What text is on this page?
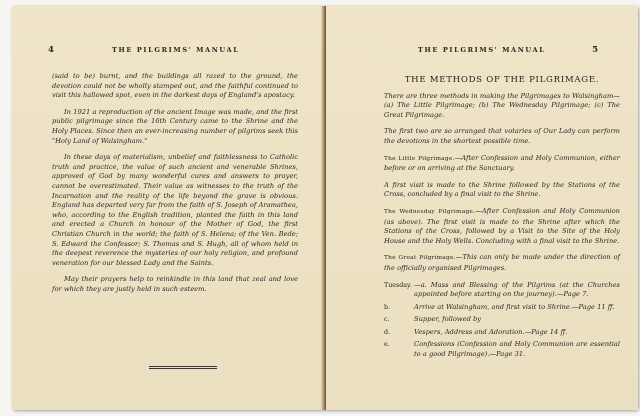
4	THE PILGRIMS' MANUAL

(said to be) burnt, and the buildings all razed to the ground, the devotion could not be wholly stamped out, and the faithful continued to visit this hallowed spot, even in the darkest days of England's apostacy.

In 1921 a reproduction of the ancient Image was made, and the first public pilgrimage since the 16th Century came to the Shrine and the Holy Places. Since then an ever-increasing number of pilgrims seek this "Holy Land of Walsingham."

In these days of materialism, unbelief and faithlessness to Catholic truth and practice, the value of such ancient and venerable Shrines, approved of God by many wonderful cures and answers to prayer, cannot be overestimated. Their value as witnesses to the truth of the Incarnation and the reality of the life beyond the grave is obvious. England has departed very far from the faith of S. Joseph of Aramathea, who, according to the English tradition, planted the faith in this land and erected a Church in honour of the Mother of God, the first Christian Church in the world; the faith of S. Helena; of the Ven. Bede; S. Edward the Confessor; S. Thomas and S. Hugh, all of whom held in the deepest reverence the mysteries of our holy religion, and profound veneration for our blessed Lady and the Saints.

May their prayers help to reinkindle in this land that zeal and love for which they are justly held in such esteem.

THE PILGRIMS' MANUAL	5
THE METHODS OF THE PILGRIMAGE.

There are three methods in making the Pilgrimages to Walsingham—(a) The Little Pilgrimage; (b) The Wednesday Pilgrimage; (c) The Great Pilgrimage.

The first two are so arranged that votaries of Our Lady can perform the devotions in the shortest possible time.

The Little Pilgrimage.—After Confession and Holy Communion, either before or on arriving at the Sanctuary.

A first visit is made to the Shrine followed by the Stations of the Cross, concluded by a final visit to the Shrine.

The Wednesday Pilgrimage.—After Confession and Holy Communion (as above). The first visit is made to the Shrine after which the Stations of the Cross, followed by a Visit to the Site of the Holy House and the Holy Wells. Concluding with a final visit to the Shrine.

The Great Pilgrimage.—This can only be made under the direction of the officially organised Pilgrimages.

Tuesday. —a. Mass and Blessing of the Pilgrims (at the Churches appointed before starting on the journey).—Page 7.
b.	Arrive at Walsingham, and first visit to Shrine.—Page 11 ff.
c.	Supper, followed by
d.	Vespers, Address and Adoration.—Page 14 ff.
e.	Confessions (Confession and Holy Communion are essential to a good Pilgrimage).—Page 31.
